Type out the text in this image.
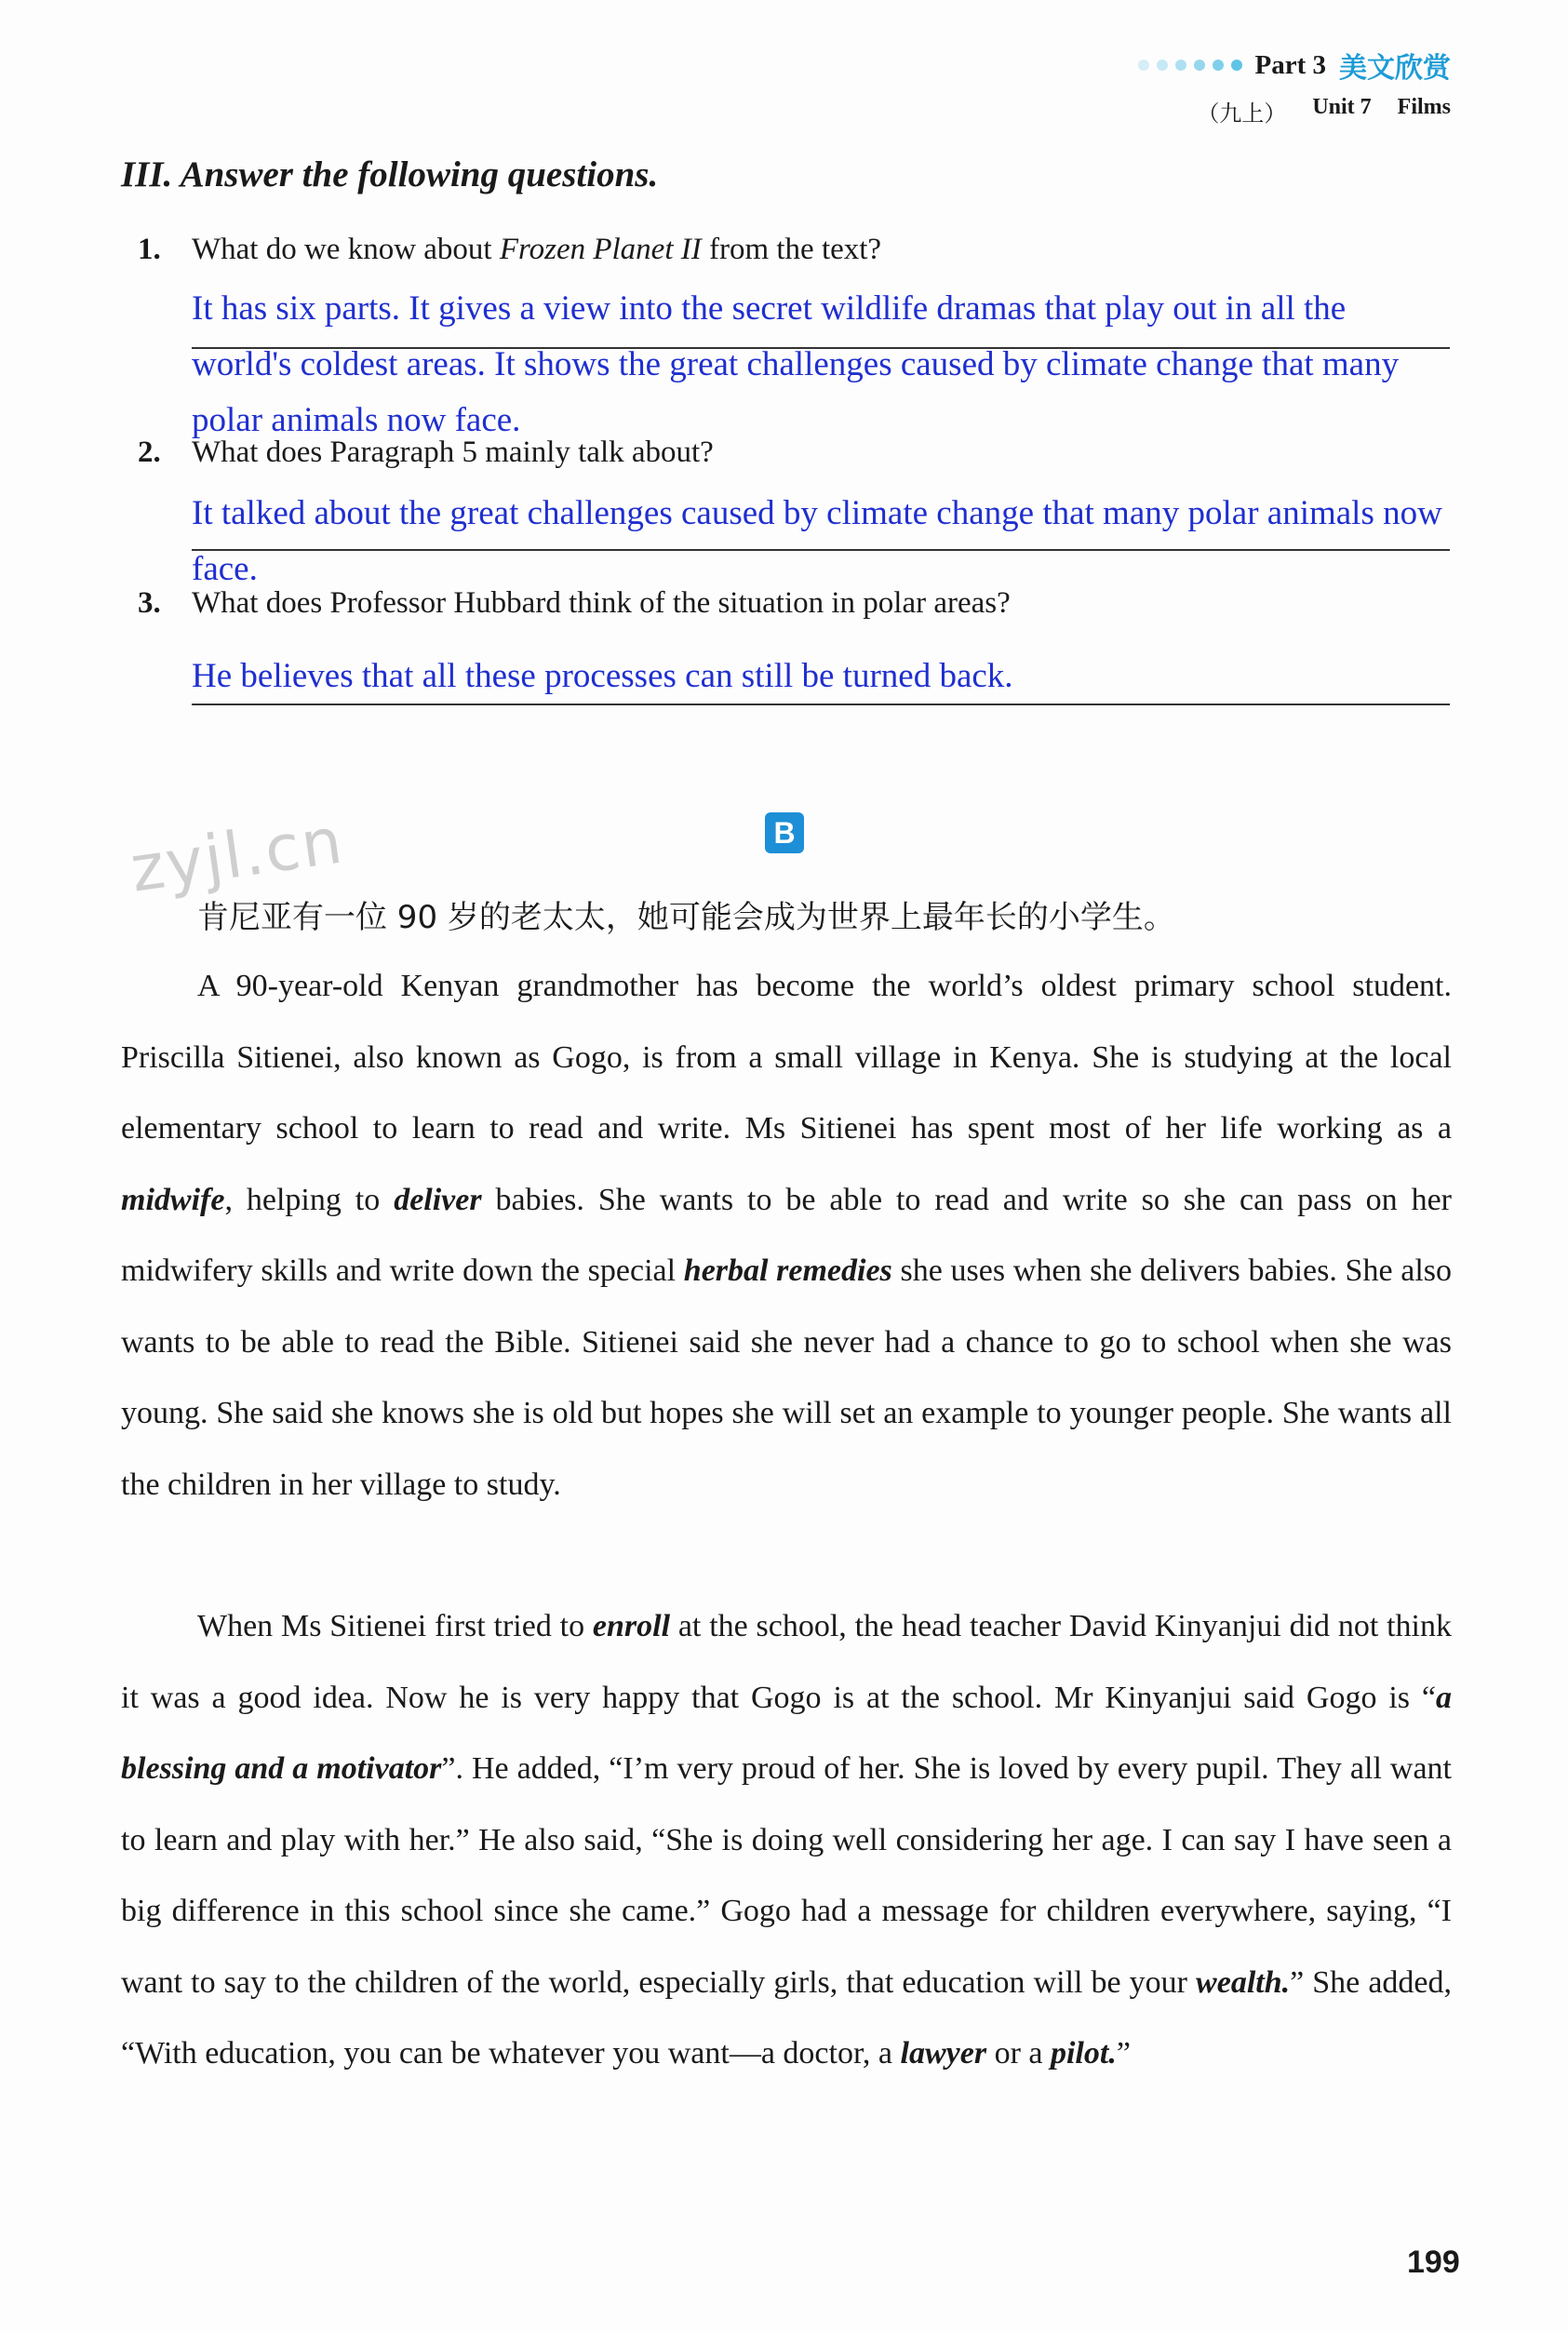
Part 3 美文欣赏
（九上） Unit 7 Films
III. Answer the following questions.
1. What do we know about Frozen Planet II from the text?
It has six parts. It gives a view into the secret wildlife dramas that play out in all the world's coldest areas. It shows the great challenges caused by climate change that many polar animals now face.
2. What does Paragraph 5 mainly talk about?
It talked about the great challenges caused by climate change that many polar animals now face.
3. What does Professor Hubbard think of the situation in polar areas?
He believes that all these processes can still be turned back.
B
zyjl.cn
肯尼亚有一位 90 岁的老太太，她可能会成为世界上最年长的小学生。
A 90-year-old Kenyan grandmother has become the world’s oldest primary school student. Priscilla Sitienei, also known as Gogo, is from a small village in Kenya. She is studying at the local elementary school to learn to read and write. Ms Sitienei has spent most of her life working as a midwife, helping to deliver babies. She wants to be able to read and write so she can pass on her midwifery skills and write down the special herbal remedies she uses when she delivers babies. She also wants to be able to read the Bible. Sitienei said she never had a chance to go to school when she was young. She said she knows she is old but hopes she will set an example to younger people. She wants all the children in her village to study.
When Ms Sitienei first tried to enroll at the school, the head teacher David Kinyanjui did not think it was a good idea. Now he is very happy that Gogo is at the school. Mr Kinyanjui said Gogo is “a blessing and a motivator”. He added, “I’m very proud of her. She is loved by every pupil. They all want to learn and play with her.” He also said, “She is doing well considering her age. I can say I have seen a big difference in this school since she came.” Gogo had a message for children everywhere, saying, “I want to say to the children of the world, especially girls, that education will be your wealth.” She added, “With education, you can be whatever you want—a doctor, a lawyer or a pilot.”
199
